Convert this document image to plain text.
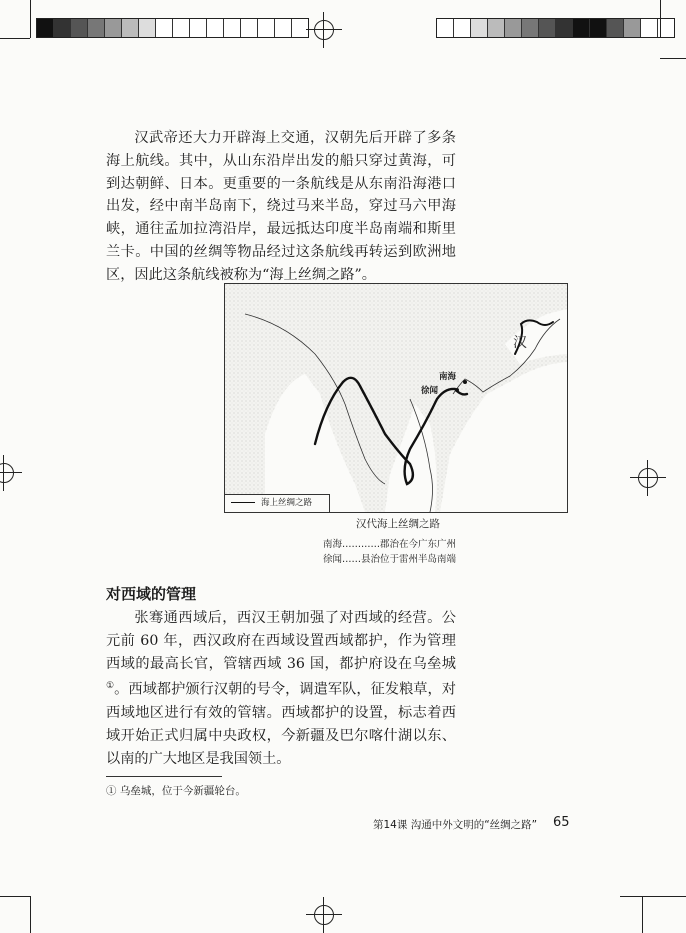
汉武帝还大力开辟海上交通，汉朝先后开辟了多条海上航线。其中，从山东沿岸出发的船只穿过黄海，可到达朝鲜、日本。更重要的一条航线是从东南沿海港口出发，经中南半岛南下，绕过马来半岛，穿过马六甲海峡，通往孟加拉湾沿岸，最远抵达印度半岛南端和斯里兰卡。中国的丝绸等物品经过这条航线再转运到欧洲地区，因此这条航线被称为“海上丝绸之路”。

汉
南海
徐闻
海上丝绸之路
汉代海上丝绸之路
南海…………郡治在今广东广州
徐闻……县治位于雷州半岛南端
对西域的管理

张骞通西域后，西汉王朝加强了对西域的经营。公元前 60 年，西汉政府在西域设置西域都护，作为管理西域的最高长官，管辖西域 36 国，都护府设在乌垒城①。西域都护颁行汉朝的号令，调遣军队，征发粮草，对西域地区进行有效的管辖。西域都护的设置，标志着西域开始正式归属中央政权，今新疆及巴尔喀什湖以东、以南的广大地区是我国领土。

① 乌垒城，位于今新疆轮台。
第14课 沟通中外文明的“丝绸之路” 65
